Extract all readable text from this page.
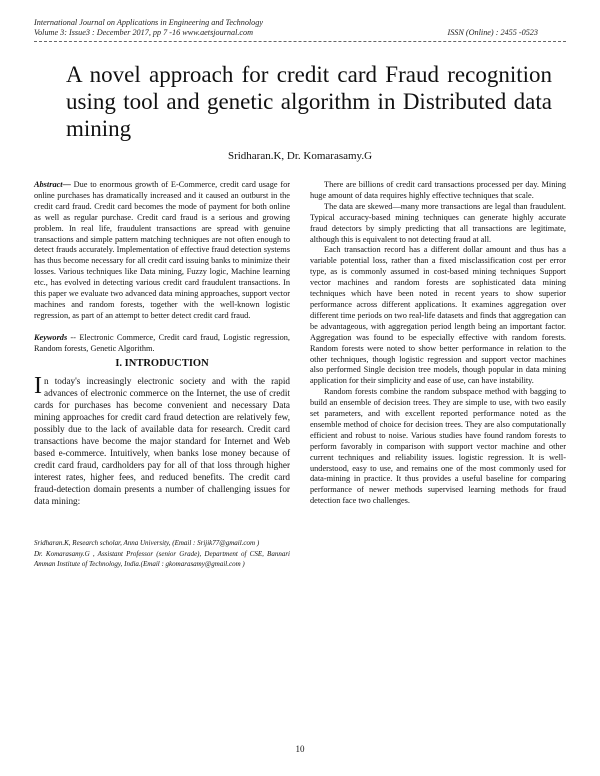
International Journal on Applications in Engineering and Technology
Volume 3: Issue3 : December 2017, pp 7 -16 www.aetsjournal.com	ISSN (Online) : 2455 -0523
A novel approach for credit card Fraud recognition using tool and genetic algorithm in Distributed data mining
Sridharan.K, Dr. Komarasamy.G

Abstract— Due to enormous growth of E-Commerce, credit card usage for online purchases has dramatically increased and it caused an outburst in the credit card fraud. Credit card becomes the mode of payment for both online as well as regular purchase. Credit card fraud is a serious and growing problem. In real life, fraudulent transactions are spread with genuine transactions and simple pattern matching techniques are not often enough to detect frauds accurately. Implementation of effective fraud detection systems has thus become necessary for all credit card issuing banks to minimize their losses. Various techniques like Data mining, Fuzzy logic, Machine learning etc., has evolved in detecting various credit card fraudulent transactions. In this paper we evaluate two advanced data mining approaches, support vector machines and random forests, together with the well-known logistic regression, as part of an attempt to better detect credit card fraud.

Keywords -- Electronic Commerce, Credit card fraud, Logistic regression, Random forests, Genetic Algorithm.

I. INTRODUCTION

In today's increasingly electronic society and with the rapid advances of electronic commerce on the Internet, the use of credit cards for purchases has become convenient and necessary Data mining approaches for credit card fraud detection are relatively few, possibly due to the lack of available data for research. Credit card transactions have become the major standard for Internet and Web based e-commerce. Intuitively, when banks lose money because of credit card fraud, cardholders pay for all of that loss through higher interest rates, higher fees, and reduced benefits. The credit card fraud-detection domain presents a number of challenging issues for data mining:

Sridharan.K, Research scholar, Anna University, (Email : Srijik77@gmail.com )

Dr. Komarasamy.G , Assistant Professor (senior Grade), Department of CSE, Bannari Amman Institute of Technology, India.(Email : gkomarasamy@gmail.com )

There are billions of credit card transactions processed per day. Mining huge amount of data requires highly effective techniques that scale.

The data are skewed—many more transactions are legal than fraudulent. Typical accuracy-based mining techniques can generate highly accurate fraud detectors by simply predicting that all transactions are legitimate, although this is equivalent to not detecting fraud at all.

Each transaction record has a different dollar amount and thus has a variable potential loss, rather than a fixed misclassification cost per error type, as is commonly assumed in cost-based mining techniques Support vector machines and random forests are sophisticated data mining techniques which have been noted in recent years to show superior performance across different applications. It examines aggregation over different time periods on two real-life datasets and finds that aggregation can be advantageous, with aggregation period length being an important factor. Aggregation was found to be especially effective with random forests. Random forests were noted to show better performance in relation to the other techniques, though logistic regression and support vector machines also performed Single decision tree models, though popular in data mining application for their simplicity and ease of use, can have instability.

Random forests combine the random subspace method with bagging to build an ensemble of decision trees. They are simple to use, with two easily set parameters, and with excellent reported performance noted as the ensemble method of choice for decision trees. They are also computationally efficient and robust to noise. Various studies have found random forests to perform favorably in comparison with support vector machine and other current techniques and reliability issues. logistic regression. It is well-understood, easy to use, and remains one of the most commonly used for data-mining in practice. It thus provides a useful baseline for comparing performance of newer methods supervised learning methods for fraud detection face two challenges.

10
